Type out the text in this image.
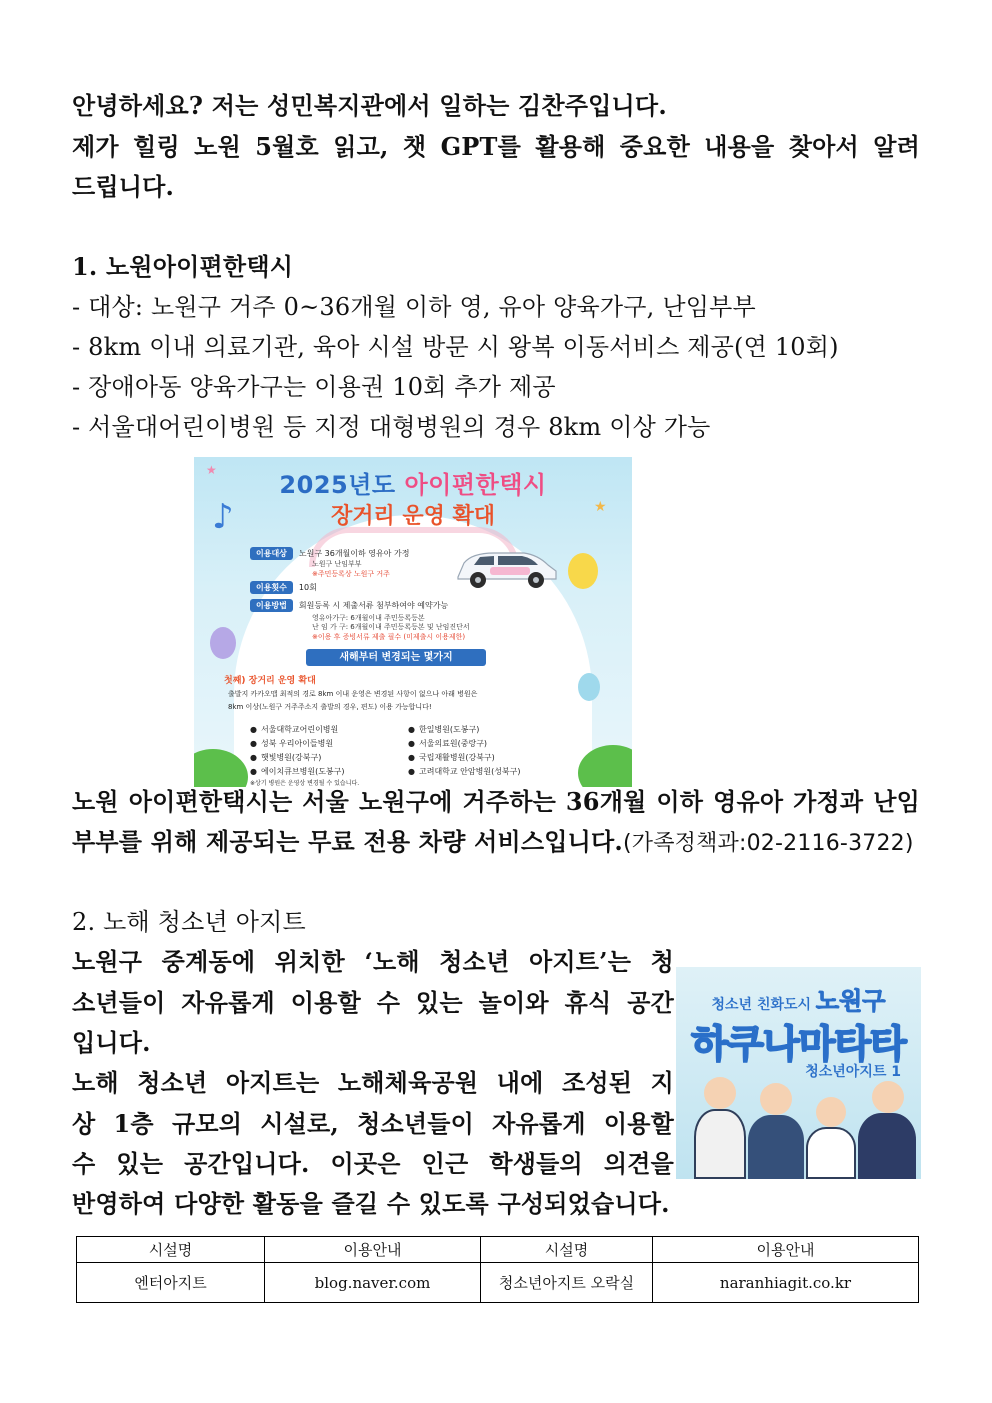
안녕하세요? 저는 성민복지관에서 일하는 김찬주입니다.
제가 힐링 노원 5월호 읽고, 챗 GPT를 활용해 중요한 내용을 찾아서 알려
드립니다.
1. 노원아이편한택시
- 대상: 노원구 거주 0~36개월 이하 영, 유아 양육가구, 난임부부
- 8km 이내 의료기관, 육아 시설 방문 시 왕복 이동서비스 제공(연 10회)
- 장애아동 양육가구는 이용권 10회 추가 제공
- 서울대어린이병원 등 지정 대형병원의 경우 8km 이상 가능
♪
★
★
2025년도 아이편한택시
장거리 운영 확대
이용대상 노원구 36개월이하 영유아 가정
노원구 난임부부
※주민등록상 노원구 거주
이용횟수 10회
이용방법 회원등록 시 제출서류 첨부하여야 예약가능
영유아가구: 6개월이내 주민등록등본
난 임 가 구: 6개월이내 주민등록등본 및 난임진단서
※이용 후 증빙서류 제출 필수 (미제출시 이용제한)
새해부터 변경되는 몇가지
첫째) 장거리 운영 확대
출발지 카카오맵 최적의 경로 8km 이내 운영은 변경된 사항이 없으나 아래 병원은
8km 이상(노원구 거주주소지 출발의 경우, 편도) 이용 가능합니다!
● 서울대학교어린이병원
● 성북 우리아이들병원
● 햇빛병원(강북구)
● 에이치큐브병원(도봉구)
● 한일병원(도봉구)
● 서울의료원(중랑구)
● 국립재활병원(강북구)
● 고려대학교 안암병원(성북구)
※상기 병원은 운영상 변경될 수 있습니다.
노원 아이편한택시는 서울 노원구에 거주하는 36개월 이하 영유아 가정과 난임
부부를 위해 제공되는 무료 전용 차량 서비스입니다.(가족정책과:02-2116-3722)
2. 노해 청소년 아지트
노원구 중계동에 위치한 ‘노해 청소년 아지트’는 청
소년들이 자유롭게 이용할 수 있는 놀이와 휴식 공간
입니다.
노해 청소년 아지트는 노해체육공원 내에 조성된 지
상 1층 규모의 시설로, 청소년들이 자유롭게 이용할
수 있는 공간입니다. 이곳은 인근 학생들의 의견을
반영하여 다양한 활동을 즐길 수 있도록 구성되었습니다.
청소년 친화도시 노원구
하쿠나마타타
청소년아지트 1
시설명	이용안내	시설명	이용안내
엔터아지트	blog.naver.com	청소년아지트 오락실	naranhiagit.co.kr
